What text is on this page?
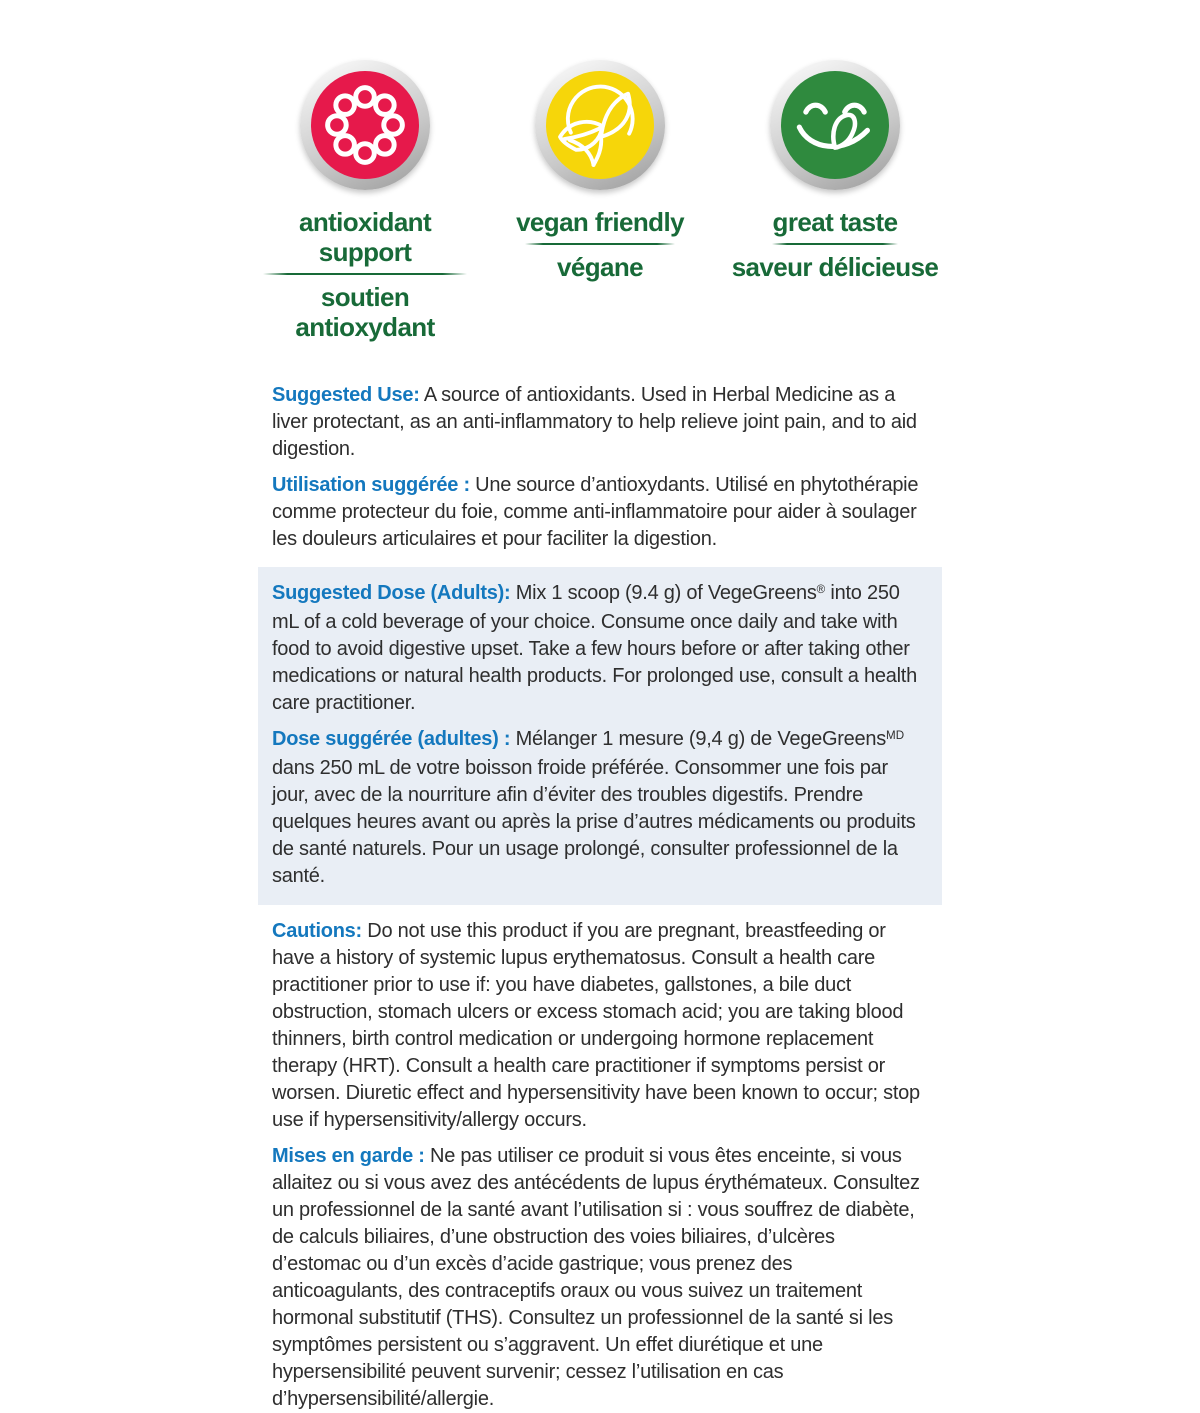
antioxidant support
soutien antioxydant
vegan friendly
végane
great taste
saveur délicieuse

Suggested Use: A source of antioxidants. Used in Herbal Medicine as a liver protectant, as an anti-inflammatory to help relieve joint pain, and to aid digestion.

Utilisation suggérée : Une source d’antioxydants. Utilisé en phytothérapie comme protecteur du foie, comme anti-inflammatoire pour aider à soulager les douleurs articulaires et pour faciliter la digestion.

Suggested Dose (Adults): Mix 1 scoop (9.4 g) of VegeGreens® into 250 mL of a cold beverage of your choice. Consume once daily and take with food to avoid digestive upset. Take a few hours before or after taking other medications or natural health products. For prolonged use, consult a health care practitioner.

Dose suggérée (adultes) : Mélanger 1 mesure (9,4 g) de VegeGreens$^{MD}$ dans 250 mL de votre boisson froide préférée. Consommer une fois par jour, avec de la nourriture afin d’éviter des troubles digestifs. Prendre quelques heures avant ou après la prise d’autres médicaments ou produits de santé naturels. Pour un usage prolongé, consulter professionnel de la santé.

Cautions: Do not use this product if you are pregnant, breastfeeding or have a history of systemic lupus erythematosus. Consult a health care practitioner prior to use if: you have diabetes, gallstones, a bile duct obstruction, stomach ulcers or excess stomach acid; you are taking blood thinners, birth control medication or undergoing hormone replacement therapy (HRT). Consult a health care practitioner if symptoms persist or worsen. Diuretic effect and hypersensitivity have been known to occur; stop use if hypersensitivity/allergy occurs.

Mises en garde : Ne pas utiliser ce produit si vous êtes enceinte, si vous allaitez ou si vous avez des antécédents de lupus érythémateux. Consultez un professionnel de la santé avant l’utilisation si : vous souffrez de diabète, de calculs biliaires, d’une obstruction des voies biliaires, d’ulcères d’estomac ou d’un excès d’acide gastrique; vous prenez des anticoagulants, des contraceptifs oraux ou vous suivez un traitement hormonal substitutif (THS). Consultez un professionnel de la santé si les symptômes persistent ou s’aggravent. Un effet diurétique et une hypersensibilité peuvent survenir; cessez l’utilisation en cas d’hypersensibilité/allergie.
